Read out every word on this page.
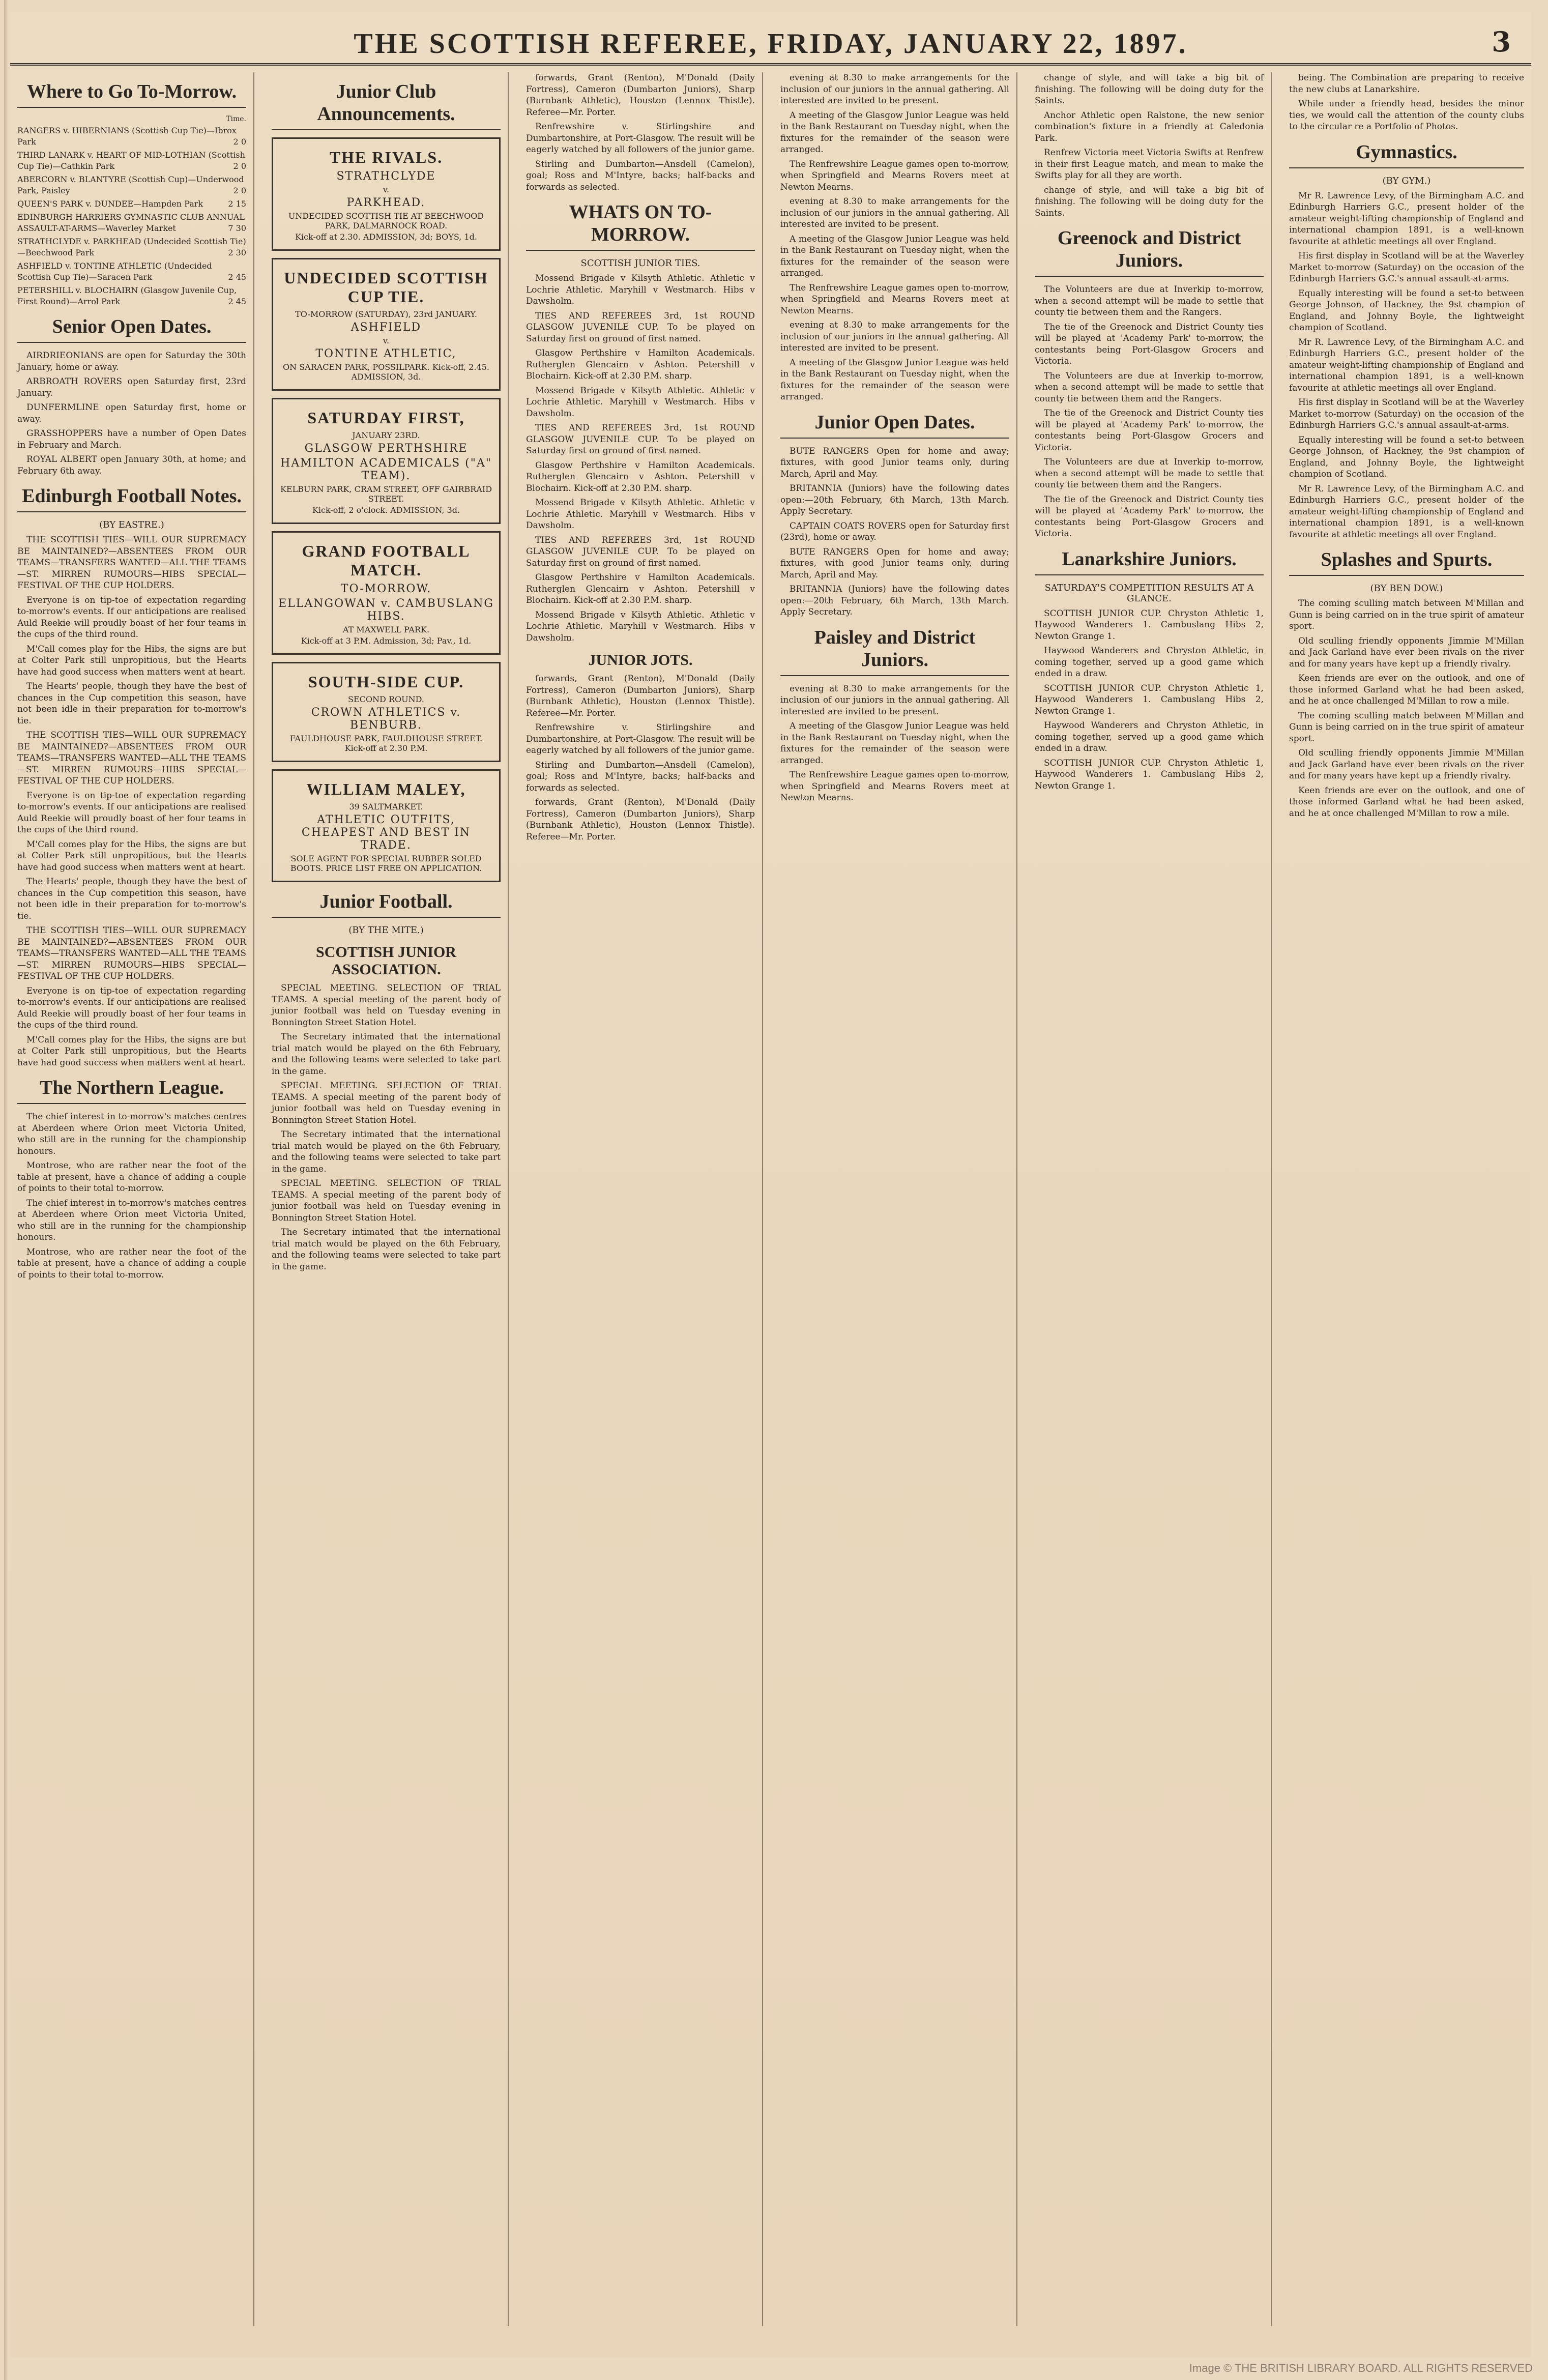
THE SCOTTISH REFEREE, FRIDAY, JANUARY 22, 1897.	3
Where to Go To-Morrow.
Time.
RANGERS v. HIBERNIANS (Scottish Cup Tie)—Ibrox Park	2 0
THIRD LANARK v. HEART OF MID-LOTHIAN (Scottish Cup Tie)—Cathkin Park	2 0
ABERCORN v. BLANTYRE (Scottish Cup)—Underwood Park, Paisley	2 0
QUEEN'S PARK v. DUNDEE—Hampden Park	2 15
EDINBURGH HARRIERS GYMNASTIC CLUB ANNUAL ASSAULT-AT-ARMS—Waverley Market	7 30
STRATHCLYDE v. PARKHEAD (Undecided Scottish Tie)—Beechwood Park	2 30
ASHFIELD v. TONTINE ATHLETIC (Undecided Scottish Cup Tie)—Saracen Park	2 45
PETERSHILL v. BLOCHAIRN (Glasgow Juvenile Cup, First Round)—Arrol Park	2 45
Senior Open Dates.

AIRDRIEONIANS are open for Saturday the 30th January, home or away.

ARBROATH ROVERS open Saturday first, 23rd January.

DUNFERMLINE open Saturday first, home or away.

GRASSHOPPERS have a number of Open Dates in February and March.

ROYAL ALBERT open January 30th, at home; and February 6th away.

Edinburgh Football Notes.
(BY EASTRE.)

THE SCOTTISH TIES—WILL OUR SUPREMACY BE MAINTAINED?—ABSENTEES FROM OUR TEAMS—TRANSFERS WANTED—ALL THE TEAMS—ST. MIRREN RUMOURS—HIBS SPECIAL—FESTIVAL OF THE CUP HOLDERS.

Everyone is on tip-toe of expectation regarding to-morrow's events. If our anticipations are realised Auld Reekie will proudly boast of her four teams in the cups of the third round.

M'Call comes play for the Hibs, the signs are but at Colter Park still unpropitious, but the Hearts have had good success when matters went at heart.

The Hearts' people, though they have the best of chances in the Cup competition this season, have not been idle in their preparation for to-morrow's tie.

THE SCOTTISH TIES—WILL OUR SUPREMACY BE MAINTAINED?—ABSENTEES FROM OUR TEAMS—TRANSFERS WANTED—ALL THE TEAMS—ST. MIRREN RUMOURS—HIBS SPECIAL—FESTIVAL OF THE CUP HOLDERS.

Everyone is on tip-toe of expectation regarding to-morrow's events. If our anticipations are realised Auld Reekie will proudly boast of her four teams in the cups of the third round.

M'Call comes play for the Hibs, the signs are but at Colter Park still unpropitious, but the Hearts have had good success when matters went at heart.

The Hearts' people, though they have the best of chances in the Cup competition this season, have not been idle in their preparation for to-morrow's tie.

THE SCOTTISH TIES—WILL OUR SUPREMACY BE MAINTAINED?—ABSENTEES FROM OUR TEAMS—TRANSFERS WANTED—ALL THE TEAMS—ST. MIRREN RUMOURS—HIBS SPECIAL—FESTIVAL OF THE CUP HOLDERS.

Everyone is on tip-toe of expectation regarding to-morrow's events. If our anticipations are realised Auld Reekie will proudly boast of her four teams in the cups of the third round.

M'Call comes play for the Hibs, the signs are but at Colter Park still unpropitious, but the Hearts have had good success when matters went at heart.

The Northern League.

The chief interest in to-morrow's matches centres at Aberdeen where Orion meet Victoria United, who still are in the running for the championship honours.

Montrose, who are rather near the foot of the table at present, have a chance of adding a couple of points to their total to-morrow.

The chief interest in to-morrow's matches centres at Aberdeen where Orion meet Victoria United, who still are in the running for the championship honours.

Montrose, who are rather near the foot of the table at present, have a chance of adding a couple of points to their total to-morrow.

Junior Club Announcements.
THE RIVALS.
STRATHCLYDE
v.
PARKHEAD.
UNDECIDED SCOTTISH TIE AT BEECHWOOD PARK, DALMARNOCK ROAD.
Kick-off at 2.30. ADMISSION, 3d; BOYS, 1d.
UNDECIDED SCOTTISH CUP TIE.
TO-MORROW (SATURDAY), 23rd JANUARY.
ASHFIELD
v.
TONTINE ATHLETIC,
ON SARACEN PARK, POSSILPARK. Kick-off, 2.45. ADMISSION, 3d.
SATURDAY FIRST,
JANUARY 23RD.
GLASGOW PERTHSHIRE
HAMILTON ACADEMICALS ("A" TEAM).
KELBURN PARK, CRAM STREET, OFF GAIRBRAID STREET.
Kick-off, 2 o'clock. ADMISSION, 3d.
GRAND FOOTBALL MATCH.
TO-MORROW.
ELLANGOWAN v. CAMBUSLANG HIBS.
AT MAXWELL PARK.
Kick-off at 3 P.M. Admission, 3d; Pav., 1d.
SOUTH-SIDE CUP.
SECOND ROUND.
CROWN ATHLETICS v. BENBURB.
FAULDHOUSE PARK, FAULDHOUSE STREET. Kick-off at 2.30 P.M.
WILLIAM MALEY,
39 SALTMARKET.
ATHLETIC OUTFITS, CHEAPEST AND BEST IN TRADE.
SOLE AGENT FOR SPECIAL RUBBER SOLED BOOTS. PRICE LIST FREE ON APPLICATION.
Junior Football.
(BY THE MITE.)
SCOTTISH JUNIOR ASSOCIATION.

SPECIAL MEETING. SELECTION OF TRIAL TEAMS. A special meeting of the parent body of junior football was held on Tuesday evening in Bonnington Street Station Hotel.

The Secretary intimated that the international trial match would be played on the 6th February, and the following teams were selected to take part in the game.

SPECIAL MEETING. SELECTION OF TRIAL TEAMS. A special meeting of the parent body of junior football was held on Tuesday evening in Bonnington Street Station Hotel.

The Secretary intimated that the international trial match would be played on the 6th February, and the following teams were selected to take part in the game.

SPECIAL MEETING. SELECTION OF TRIAL TEAMS. A special meeting of the parent body of junior football was held on Tuesday evening in Bonnington Street Station Hotel.

The Secretary intimated that the international trial match would be played on the 6th February, and the following teams were selected to take part in the game.

forwards, Grant (Renton), M'Donald (Daily Fortress), Cameron (Dumbarton Juniors), Sharp (Burnbank Athletic), Houston (Lennox Thistle). Referee—Mr. Porter.

Renfrewshire v. Stirlingshire and Dumbartonshire, at Port-Glasgow. The result will be eagerly watched by all followers of the junior game.

Stirling and Dumbarton—Ansdell (Camelon), goal; Ross and M'Intyre, backs; half-backs and forwards as selected.

WHATS ON TO-MORROW.
SCOTTISH JUNIOR TIES.

Mossend Brigade v Kilsyth Athletic. Athletic v Lochrie Athletic. Maryhill v Westmarch. Hibs v Dawsholm.

TIES AND REFEREES 3rd, 1st ROUND GLASGOW JUVENILE CUP. To be played on Saturday first on ground of first named.

Glasgow Perthshire v Hamilton Academicals. Rutherglen Glencairn v Ashton. Petershill v Blochairn. Kick-off at 2.30 P.M. sharp.

Mossend Brigade v Kilsyth Athletic. Athletic v Lochrie Athletic. Maryhill v Westmarch. Hibs v Dawsholm.

TIES AND REFEREES 3rd, 1st ROUND GLASGOW JUVENILE CUP. To be played on Saturday first on ground of first named.

Glasgow Perthshire v Hamilton Academicals. Rutherglen Glencairn v Ashton. Petershill v Blochairn. Kick-off at 2.30 P.M. sharp.

Mossend Brigade v Kilsyth Athletic. Athletic v Lochrie Athletic. Maryhill v Westmarch. Hibs v Dawsholm.

TIES AND REFEREES 3rd, 1st ROUND GLASGOW JUVENILE CUP. To be played on Saturday first on ground of first named.

Glasgow Perthshire v Hamilton Academicals. Rutherglen Glencairn v Ashton. Petershill v Blochairn. Kick-off at 2.30 P.M. sharp.

Mossend Brigade v Kilsyth Athletic. Athletic v Lochrie Athletic. Maryhill v Westmarch. Hibs v Dawsholm.

JUNIOR JOTS.

forwards, Grant (Renton), M'Donald (Daily Fortress), Cameron (Dumbarton Juniors), Sharp (Burnbank Athletic), Houston (Lennox Thistle). Referee—Mr. Porter.

Renfrewshire v. Stirlingshire and Dumbartonshire, at Port-Glasgow. The result will be eagerly watched by all followers of the junior game.

Stirling and Dumbarton—Ansdell (Camelon), goal; Ross and M'Intyre, backs; half-backs and forwards as selected.

forwards, Grant (Renton), M'Donald (Daily Fortress), Cameron (Dumbarton Juniors), Sharp (Burnbank Athletic), Houston (Lennox Thistle). Referee—Mr. Porter.

evening at 8.30 to make arrangements for the inclusion of our juniors in the annual gathering. All interested are invited to be present.

A meeting of the Glasgow Junior League was held in the Bank Restaurant on Tuesday night, when the fixtures for the remainder of the season were arranged.

The Renfrewshire League games open to-morrow, when Springfield and Mearns Rovers meet at Newton Mearns.

evening at 8.30 to make arrangements for the inclusion of our juniors in the annual gathering. All interested are invited to be present.

A meeting of the Glasgow Junior League was held in the Bank Restaurant on Tuesday night, when the fixtures for the remainder of the season were arranged.

The Renfrewshire League games open to-morrow, when Springfield and Mearns Rovers meet at Newton Mearns.

evening at 8.30 to make arrangements for the inclusion of our juniors in the annual gathering. All interested are invited to be present.

A meeting of the Glasgow Junior League was held in the Bank Restaurant on Tuesday night, when the fixtures for the remainder of the season were arranged.

Junior Open Dates.

BUTE RANGERS Open for home and away; fixtures, with good Junior teams only, during March, April and May.

BRITANNIA (Juniors) have the following dates open:—20th February, 6th March, 13th March. Apply Secretary.

CAPTAIN COATS ROVERS open for Saturday first (23rd), home or away.

BUTE RANGERS Open for home and away; fixtures, with good Junior teams only, during March, April and May.

BRITANNIA (Juniors) have the following dates open:—20th February, 6th March, 13th March. Apply Secretary.

Paisley and District Juniors.

evening at 8.30 to make arrangements for the inclusion of our juniors in the annual gathering. All interested are invited to be present.

A meeting of the Glasgow Junior League was held in the Bank Restaurant on Tuesday night, when the fixtures for the remainder of the season were arranged.

The Renfrewshire League games open to-morrow, when Springfield and Mearns Rovers meet at Newton Mearns.

change of style, and will take a big bit of finishing. The following will be doing duty for the Saints.

Anchor Athletic open Ralstone, the new senior combination's fixture in a friendly at Caledonia Park.

Renfrew Victoria meet Victoria Swifts at Renfrew in their first League match, and mean to make the Swifts play for all they are worth.

change of style, and will take a big bit of finishing. The following will be doing duty for the Saints.

Greenock and District Juniors.

The Volunteers are due at Inverkip to-morrow, when a second attempt will be made to settle that county tie between them and the Rangers.

The tie of the Greenock and District County ties will be played at 'Academy Park' to-morrow, the contestants being Port-Glasgow Grocers and Victoria.

The Volunteers are due at Inverkip to-morrow, when a second attempt will be made to settle that county tie between them and the Rangers.

The tie of the Greenock and District County ties will be played at 'Academy Park' to-morrow, the contestants being Port-Glasgow Grocers and Victoria.

The Volunteers are due at Inverkip to-morrow, when a second attempt will be made to settle that county tie between them and the Rangers.

The tie of the Greenock and District County ties will be played at 'Academy Park' to-morrow, the contestants being Port-Glasgow Grocers and Victoria.

Lanarkshire Juniors.
SATURDAY'S COMPETITION RESULTS AT A GLANCE.

SCOTTISH JUNIOR CUP. Chryston Athletic 1, Haywood Wanderers 1. Cambuslang Hibs 2, Newton Grange 1.

Haywood Wanderers and Chryston Athletic, in coming together, served up a good game which ended in a draw.

SCOTTISH JUNIOR CUP. Chryston Athletic 1, Haywood Wanderers 1. Cambuslang Hibs 2, Newton Grange 1.

Haywood Wanderers and Chryston Athletic, in coming together, served up a good game which ended in a draw.

SCOTTISH JUNIOR CUP. Chryston Athletic 1, Haywood Wanderers 1. Cambuslang Hibs 2, Newton Grange 1.

being. The Combination are preparing to receive the new clubs at Lanarkshire.

While under a friendly head, besides the minor ties, we would call the attention of the county clubs to the circular re a Portfolio of Photos.

Gymnastics.
(BY GYM.)

Mr R. Lawrence Levy, of the Birmingham A.C. and Edinburgh Harriers G.C., present holder of the amateur weight-lifting championship of England and international champion 1891, is a well-known favourite at athletic meetings all over England.

His first display in Scotland will be at the Waverley Market to-morrow (Saturday) on the occasion of the Edinburgh Harriers G.C.'s annual assault-at-arms.

Equally interesting will be found a set-to between George Johnson, of Hackney, the 9st champion of England, and Johnny Boyle, the lightweight champion of Scotland.

Mr R. Lawrence Levy, of the Birmingham A.C. and Edinburgh Harriers G.C., present holder of the amateur weight-lifting championship of England and international champion 1891, is a well-known favourite at athletic meetings all over England.

His first display in Scotland will be at the Waverley Market to-morrow (Saturday) on the occasion of the Edinburgh Harriers G.C.'s annual assault-at-arms.

Equally interesting will be found a set-to between George Johnson, of Hackney, the 9st champion of England, and Johnny Boyle, the lightweight champion of Scotland.

Mr R. Lawrence Levy, of the Birmingham A.C. and Edinburgh Harriers G.C., present holder of the amateur weight-lifting championship of England and international champion 1891, is a well-known favourite at athletic meetings all over England.

Splashes and Spurts.
(BY BEN DOW.)

The coming sculling match between M'Millan and Gunn is being carried on in the true spirit of amateur sport.

Old sculling friendly opponents Jimmie M'Millan and Jack Garland have ever been rivals on the river and for many years have kept up a friendly rivalry.

Keen friends are ever on the outlook, and one of those informed Garland what he had been asked, and he at once challenged M'Millan to row a mile.

The coming sculling match between M'Millan and Gunn is being carried on in the true spirit of amateur sport.

Old sculling friendly opponents Jimmie M'Millan and Jack Garland have ever been rivals on the river and for many years have kept up a friendly rivalry.

Keen friends are ever on the outlook, and one of those informed Garland what he had been asked, and he at once challenged M'Millan to row a mile.

Image © THE BRITISH LIBRARY BOARD. ALL RIGHTS RESERVED
